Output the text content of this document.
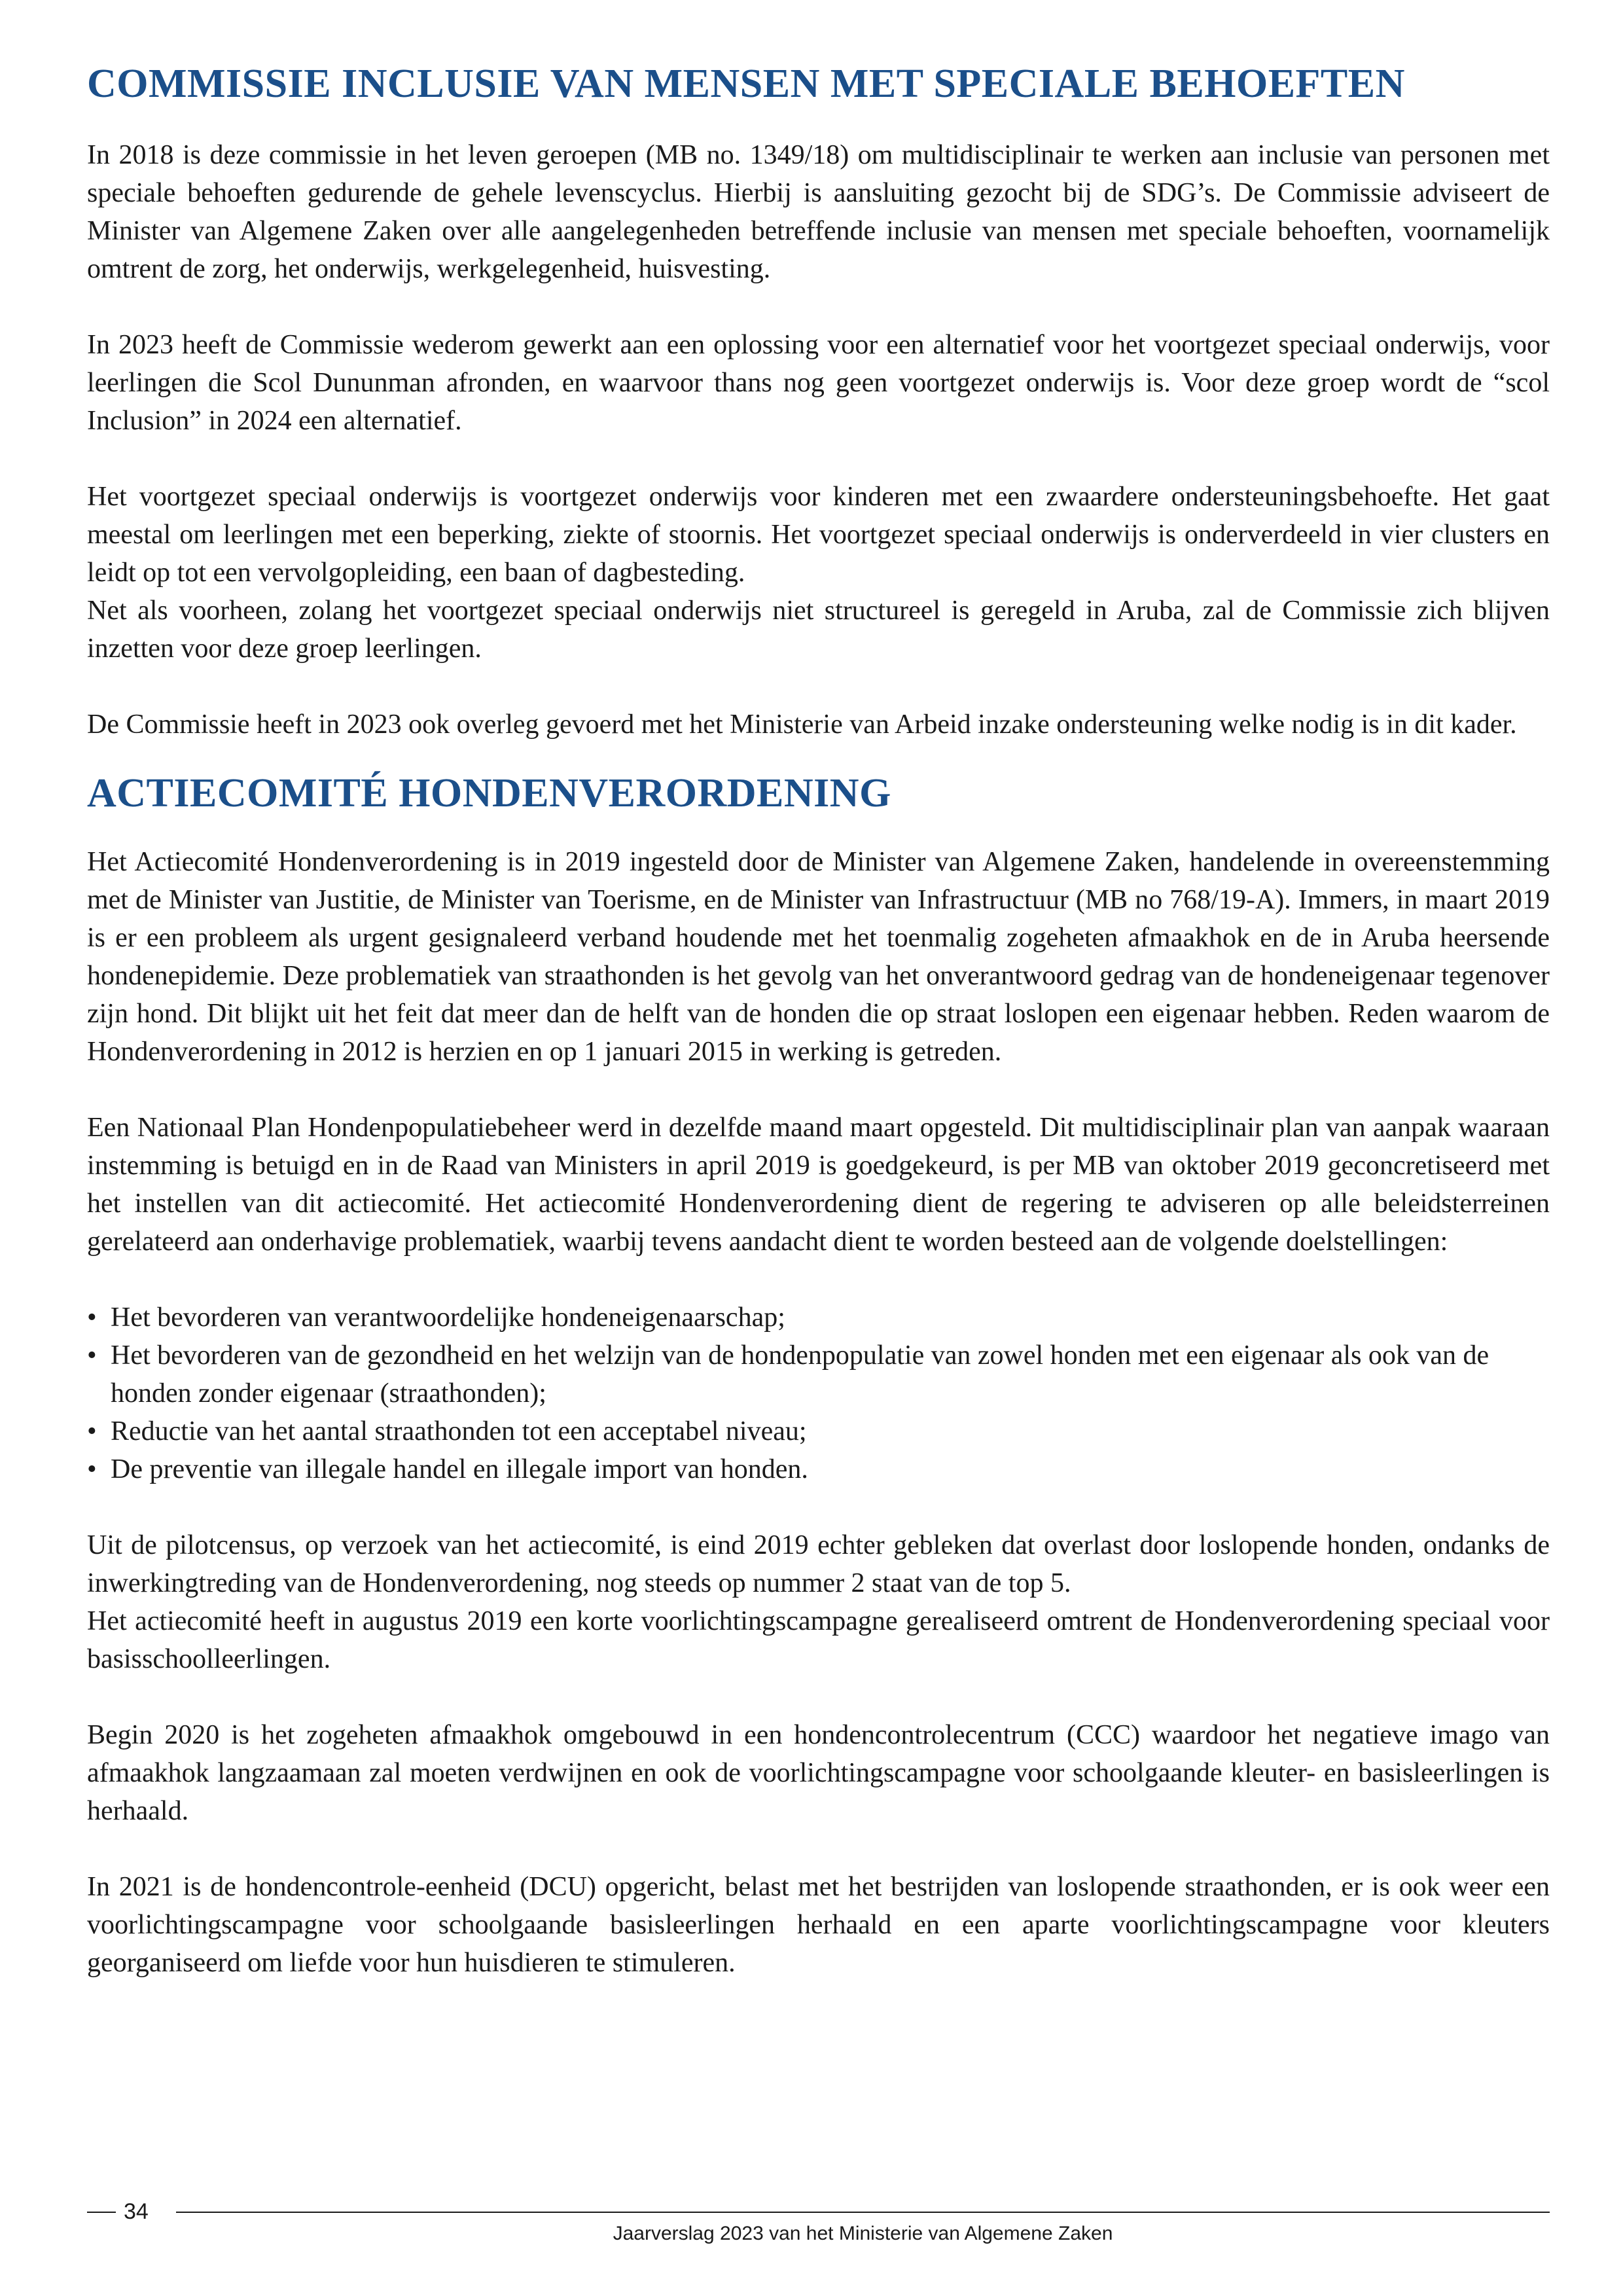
COMMISSIE INCLUSIE VAN MENSEN MET SPECIALE BEHOEFTEN

In 2018 is deze commissie in het leven geroepen (MB no. 1349/18) om multidisciplinair te werken aan inclusie van personen met speciale behoeften gedurende de gehele levenscyclus. Hierbij is aansluiting gezocht bij de SDG’s. De Commissie adviseert de Minister van Algemene Zaken over alle aangelegenheden betreffende inclusie van mensen met speciale behoeften, voornamelijk omtrent de zorg, het onderwijs, werkgelegenheid, huisvesting.

In 2023 heeft de Commissie wederom gewerkt aan een oplossing voor een alternatief voor het voortgezet speciaal onderwijs, voor leerlingen die Scol Dununman afronden, en waarvoor thans nog geen voortgezet onderwijs is. Voor deze groep wordt de “scol Inclusion” in 2024 een alternatief.

Het voortgezet speciaal onderwijs is voortgezet onderwijs voor kinderen met een zwaardere ondersteuningsbehoefte. Het gaat meestal om leerlingen met een beperking, ziekte of stoornis. Het voortgezet speciaal onderwijs is onderverdeeld in vier clusters en leidt op tot een vervolgopleiding, een baan of dagbesteding.

Net als voorheen, zolang het voortgezet speciaal onderwijs niet structureel is geregeld in Aruba, zal de Commissie zich blijven inzetten voor deze groep leerlingen.

De Commissie heeft in 2023 ook overleg gevoerd met het Ministerie van Arbeid inzake ondersteuning welke nodig is in dit kader.

ACTIECOMITÉ HONDENVERORDENING

Het Actiecomité Hondenverordening is in 2019 ingesteld door de Minister van Algemene Zaken, handelende in overeenstemming met de Minister van Justitie, de Minister van Toerisme, en de Minister van Infrastructuur (MB no 768/19-A). Immers, in maart 2019 is er een probleem als urgent gesignaleerd verband houdende met het toenmalig zogeheten afmaakhok en de in Aruba heersende hondenepidemie. Deze problematiek van straathonden is het gevolg van het onverantwoord gedrag van de hondeneigenaar tegenover zijn hond. Dit blijkt uit het feit dat meer dan de helft van de honden die op straat loslopen een eigenaar hebben. Reden waarom de Hondenverordening in 2012 is herzien en op 1 januari 2015 in werking is getreden.

Een Nationaal Plan Hondenpopulatiebeheer werd in dezelfde maand maart opgesteld. Dit multidisciplinair plan van aanpak waaraan instemming is betuigd en in de Raad van Ministers in april 2019 is goedgekeurd, is per MB van oktober 2019 geconcretiseerd met het instellen van dit actiecomité. Het actiecomité Hondenverordening dient de regering te adviseren op alle beleidsterreinen gerelateerd aan onderhavige problematiek, waarbij tevens aandacht dient te worden besteed aan de volgende doelstellingen:

• Het bevorderen van verantwoordelijke hondeneigenaarschap;
• Het bevorderen van de gezondheid en het welzijn van de hondenpopulatie van zowel honden met een eigenaar als ook van de honden zonder eigenaar (straathonden);
• Reductie van het aantal straathonden tot een acceptabel niveau;
• De preventie van illegale handel en illegale import van honden.

Uit de pilotcensus, op verzoek van het actiecomité, is eind 2019 echter gebleken dat overlast door loslopende honden, ondanks de inwerkingtreding van de Hondenverordening, nog steeds op nummer 2 staat van de top 5.

Het actiecomité heeft in augustus 2019 een korte voorlichtingscampagne gerealiseerd omtrent de Hondenverordening speciaal voor basisschoolleerlingen.

Begin 2020 is het zogeheten afmaakhok omgebouwd in een hondencontrolecentrum (CCC) waardoor het negatieve imago van afmaakhok langzaamaan zal moeten verdwijnen en ook de voorlichtingscampagne voor schoolgaande kleuter- en basisleerlingen is herhaald.

In 2021 is de hondencontrole-eenheid (DCU) opgericht, belast met het bestrijden van loslopende straathonden, er is ook weer een voorlichtingscampagne voor schoolgaande basisleerlingen herhaald en een aparte voorlichtingscampagne voor kleuters georganiseerd om liefde voor hun huisdieren te stimuleren.

34
Jaarverslag 2023 van het Ministerie van Algemene Zaken
